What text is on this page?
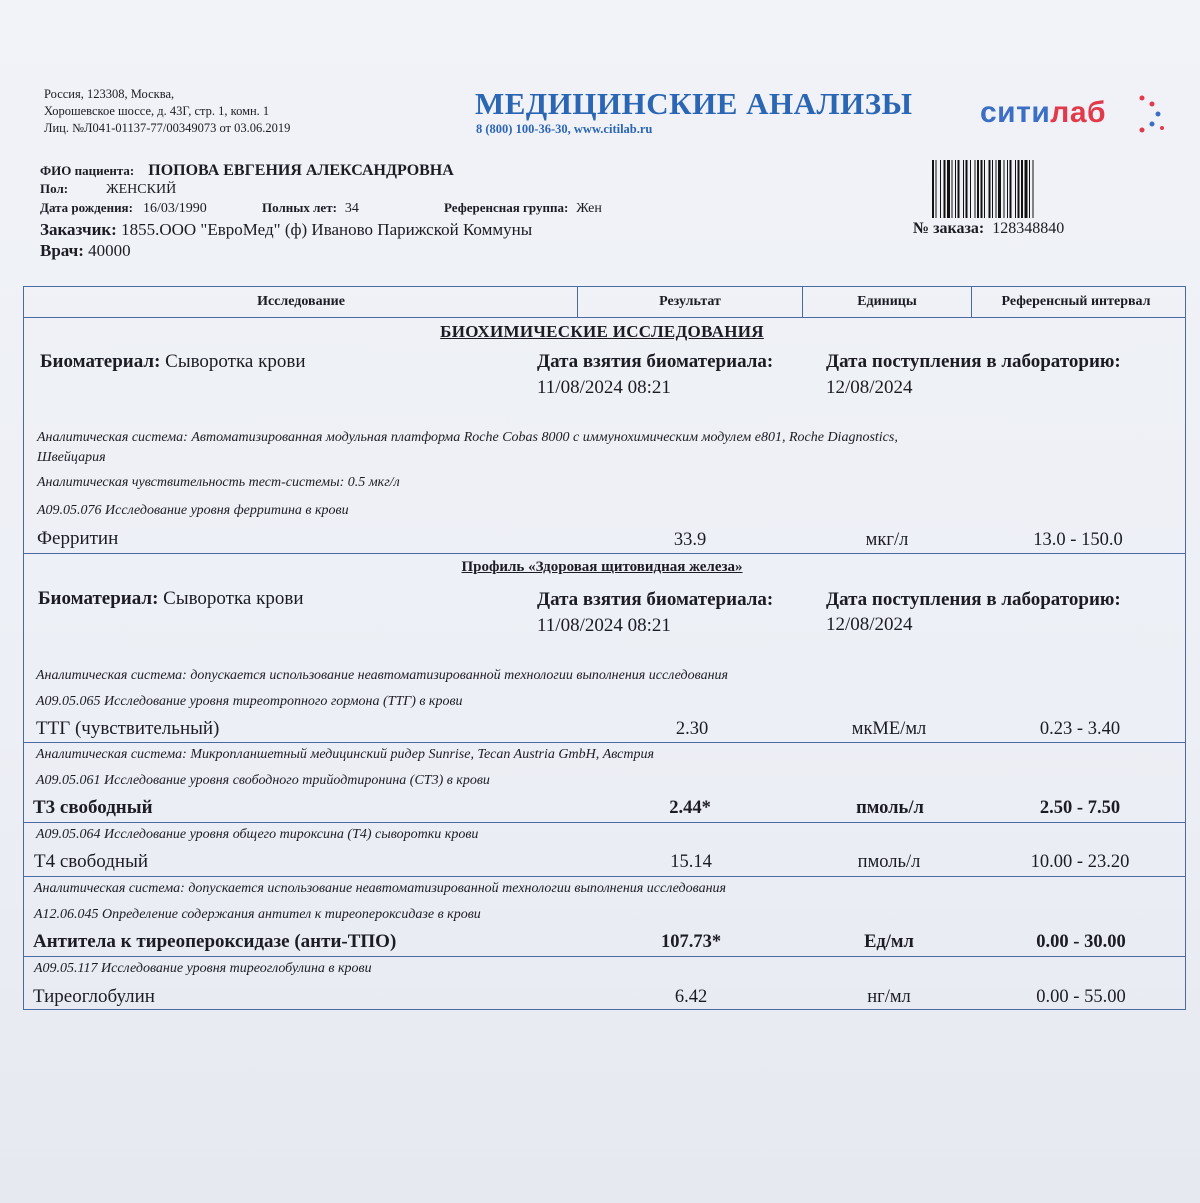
Россия, 123308, Москва,
Хорошевское шоссе, д. 43Г, стр. 1, комн. 1
Лиц. №Л041-01137-77/00349073 от 03.06.2019
МЕДИЦИНСКИЕ АНАЛИЗЫ
8 (800) 100-36-30, www.citilab.ru	ситилаб
ФИО пациента: ПОПОВА ЕВГЕНИЯ АЛЕКСАНДРОВНА
Пол:	ЖЕНСКИЙ
Дата рождения: 16/03/1990	Полных лет: 34	Референсная группа: Жен
Заказчик: 1855.ООО "ЕвроМед" (ф) Иваново Парижской Коммуны
Врач: 40000
№ заказа: 128348840
Исследование	Результат	Единицы	Референсный интервал
БИОХИМИЧЕСКИЕ ИССЛЕДОВАНИЯ
Биоматериал: Сыворотка крови	Дата взятия биоматериала:
11/08/2024 08:21
Дата поступления в лабораторию:
12/08/2024
Аналитическая система: Автоматизированная модульная платформа Roche Cobas 8000 с иммунохимическим модулем e801, Roche Diagnostics,
Швейцария
Аналитическая чувствительность тест-системы: 0.5 мкг/л
A09.05.076 Исследование уровня ферритина в крови
Ферритин	33.9	мкг/л	13.0 - 150.0
Профиль «Здоровая щитовидная железа»
Биоматериал: Сыворотка крови	Дата взятия биоматериала:
11/08/2024 08:21
Дата поступления в лабораторию:
12/08/2024
Аналитическая система: допускается использование неавтоматизированной технологии выполнения исследования
A09.05.065 Исследование уровня тиреотропного гормона (ТТГ) в крови
ТТГ (чувствительный)	2.30	мкМЕ/мл	0.23 - 3.40
Аналитическая система: Микропланшетный медицинский ридер Sunrise, Tecan Austria GmbH, Австрия
A09.05.061 Исследование уровня свободного трийодтиронина (СТ3) в крови
Т3 свободный	2.44*	пмоль/л	2.50 - 7.50
A09.05.064 Исследование уровня общего тироксина (Т4) сыворотки крови
Т4 свободный	15.14	пмоль/л	10.00 - 23.20
Аналитическая система: допускается использование неавтоматизированной технологии выполнения исследования
A12.06.045 Определение содержания антител к тиреопероксидазе в крови
Антитела к тиреопероксидазе (анти-ТПО)	107.73*	Ед/мл	0.00 - 30.00
A09.05.117 Исследование уровня тиреоглобулина в крови
Тиреоглобулин	6.42	нг/мл	0.00 - 55.00
